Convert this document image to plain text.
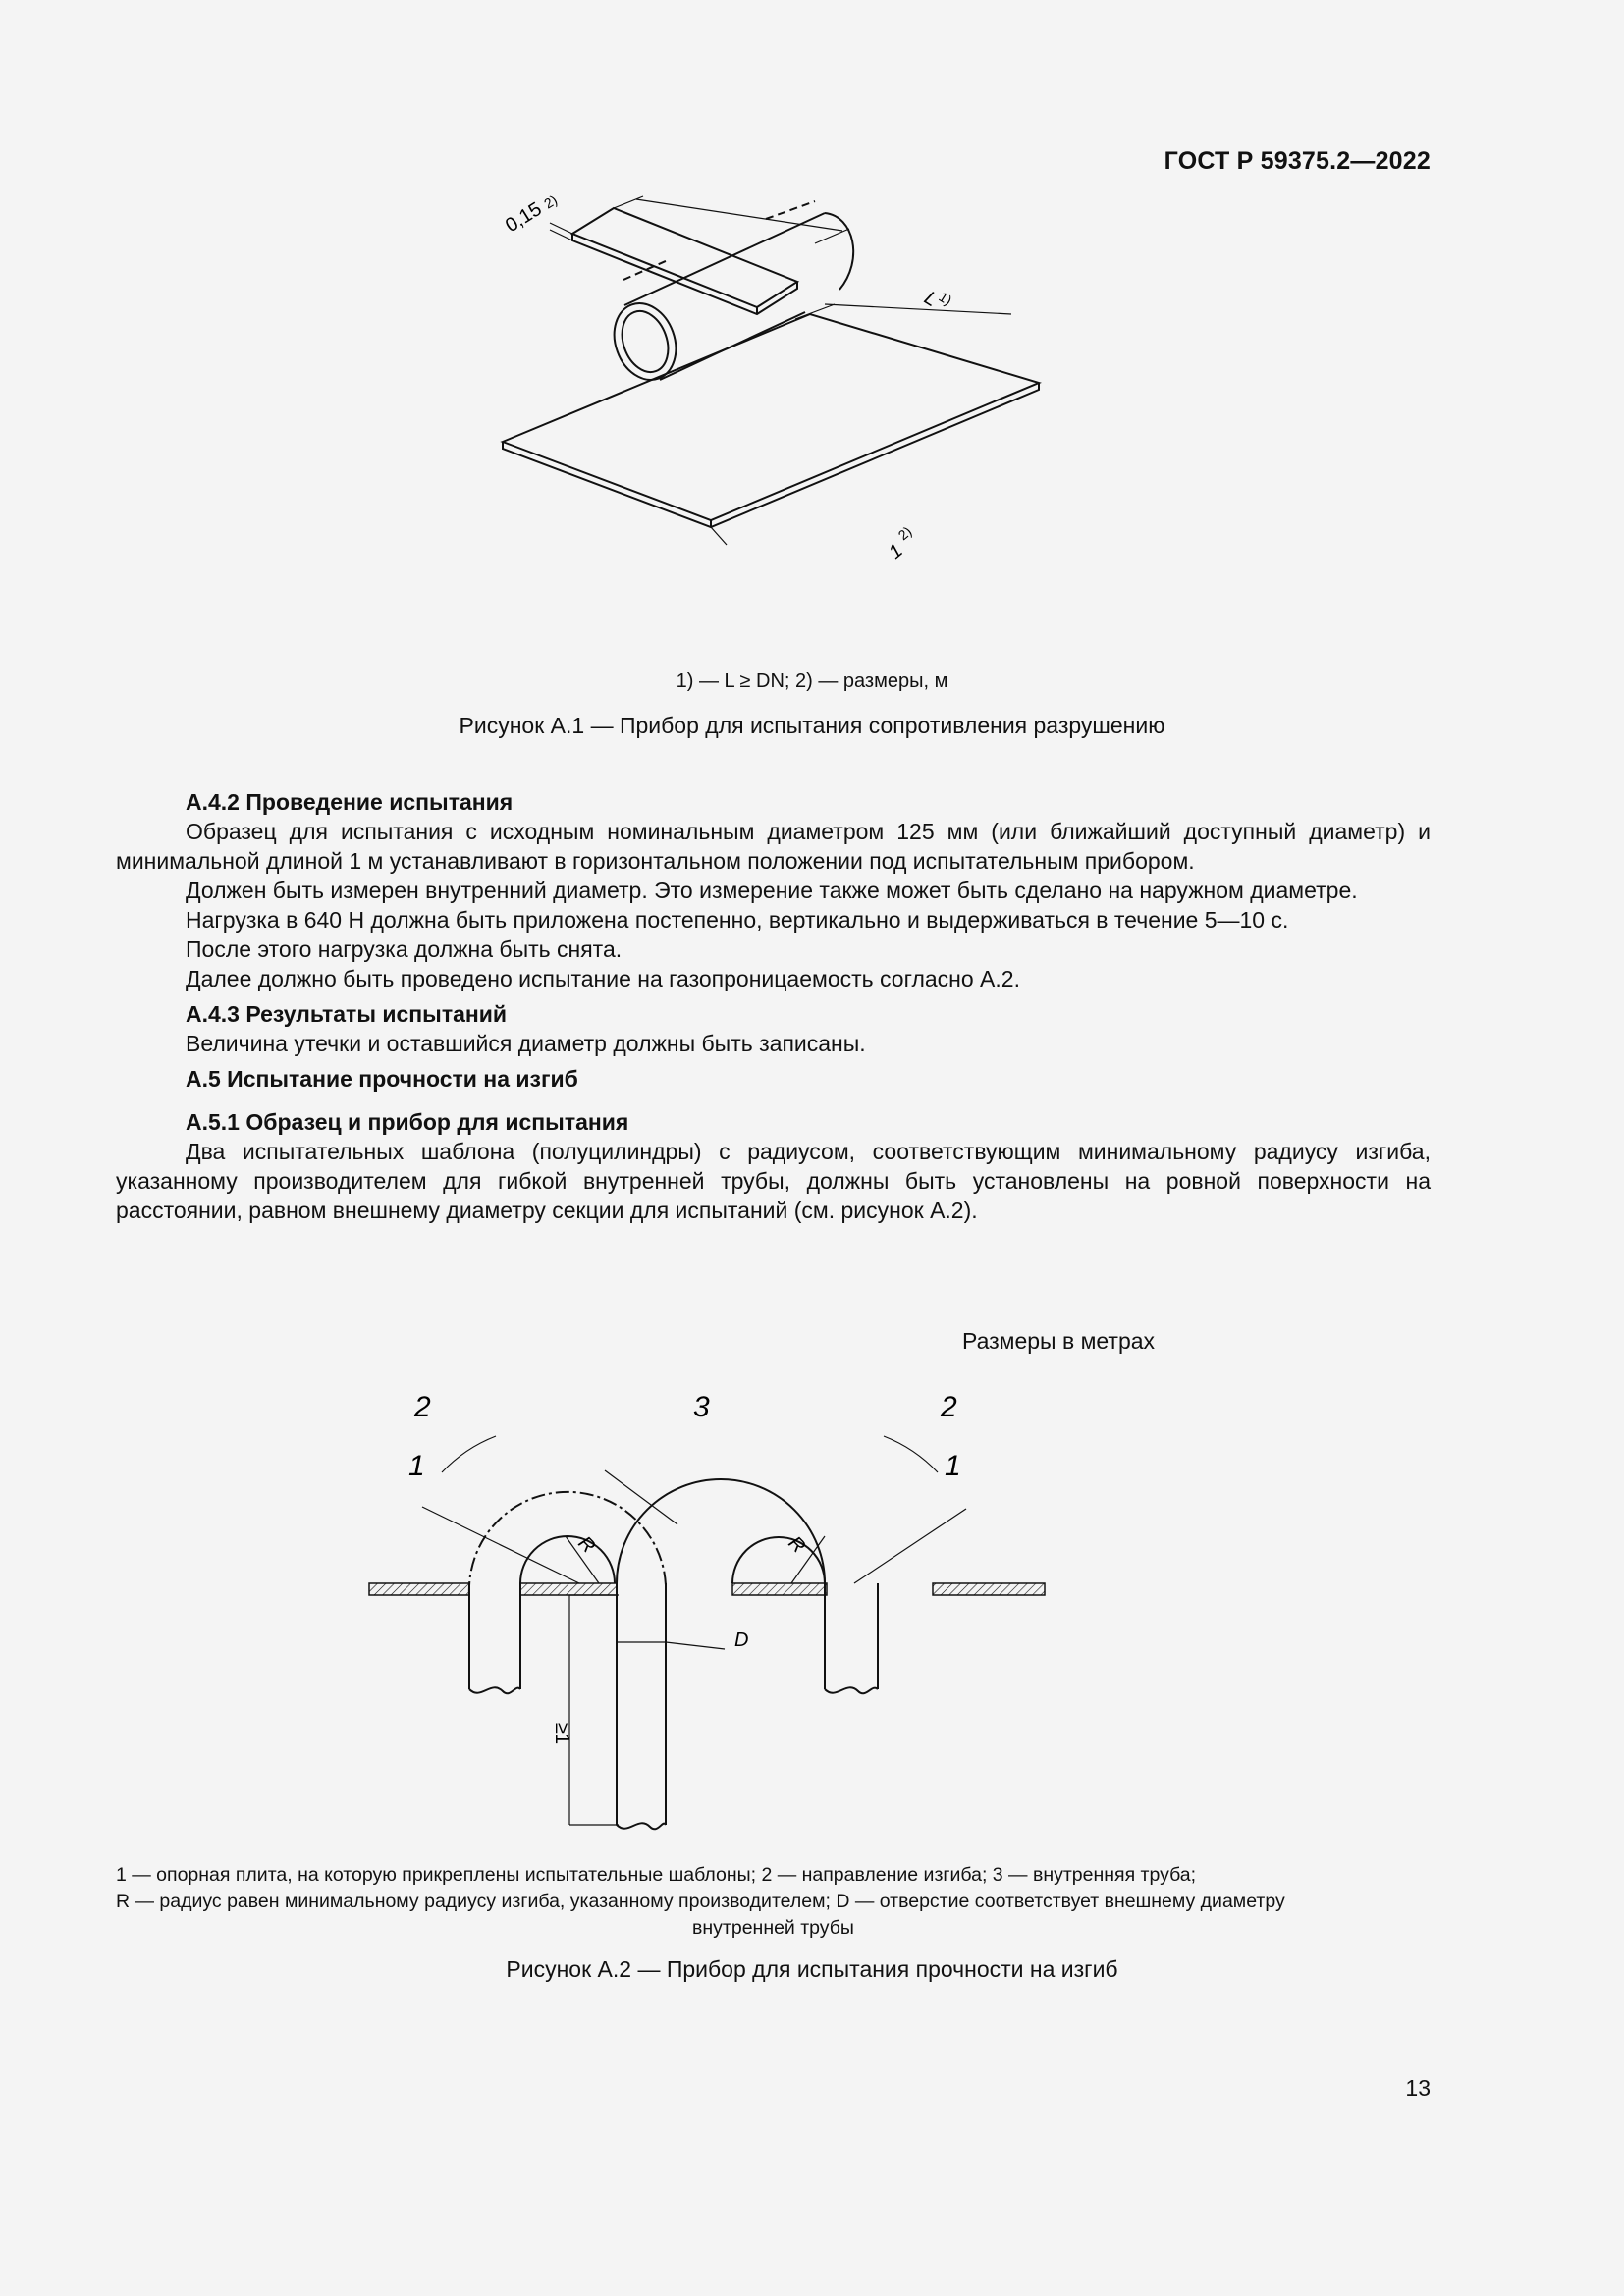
ГОСТ Р 59375.2—2022
0,15
2)
L
1)
1
2)
1) — L ≥ DN; 2) — размеры, м
Рисунок А.1 — Прибор для испытания сопротивления разрушению
А.4.2 Проведение испытания

Образец для испытания с исходным номинальным диаметром 125 мм (или ближайший доступный диаметр) и минимальной длиной 1 м устанавливают в горизонтальном положении под испытательным прибором.

Должен быть измерен внутренний диаметр. Это измерение также может быть сделано на наружном диаметре.

Нагрузка в 640 Н должна быть приложена постепенно, вертикально и выдерживаться в течение 5—10 с.

После этого нагрузка должна быть снята.

Далее должно быть проведено испытание на газопроницаемость согласно А.2.

А.4.3 Результаты испытаний

Величина утечки и оставшийся диаметр должны быть записаны.

А.5 Испытание прочности на изгиб
А.5.1 Образец и прибор для испытания

Два испытательных шаблона (полуцилиндры) с радиусом, соответствующим минимальному радиусу изгиба, указанному производителем для гибкой внутренней трубы, должны быть установлены на ровной поверхности на расстоянии, равном внешнему диаметру секции для испытаний (см. рисунок А.2).

Размеры в метрах
2	3	2
1	1
R	R
D
≥1
1 — опорная плита, на которую прикреплены испытательные шаблоны; 2 — направление изгиба; 3 — внутренняя труба;
R — радиус равен минимальному радиусу изгиба, указанному производителем; D — отверстие соответствует внешнему диаметру
внутренней трубы
Рисунок А.2 — Прибор для испытания прочности на изгиб
13
